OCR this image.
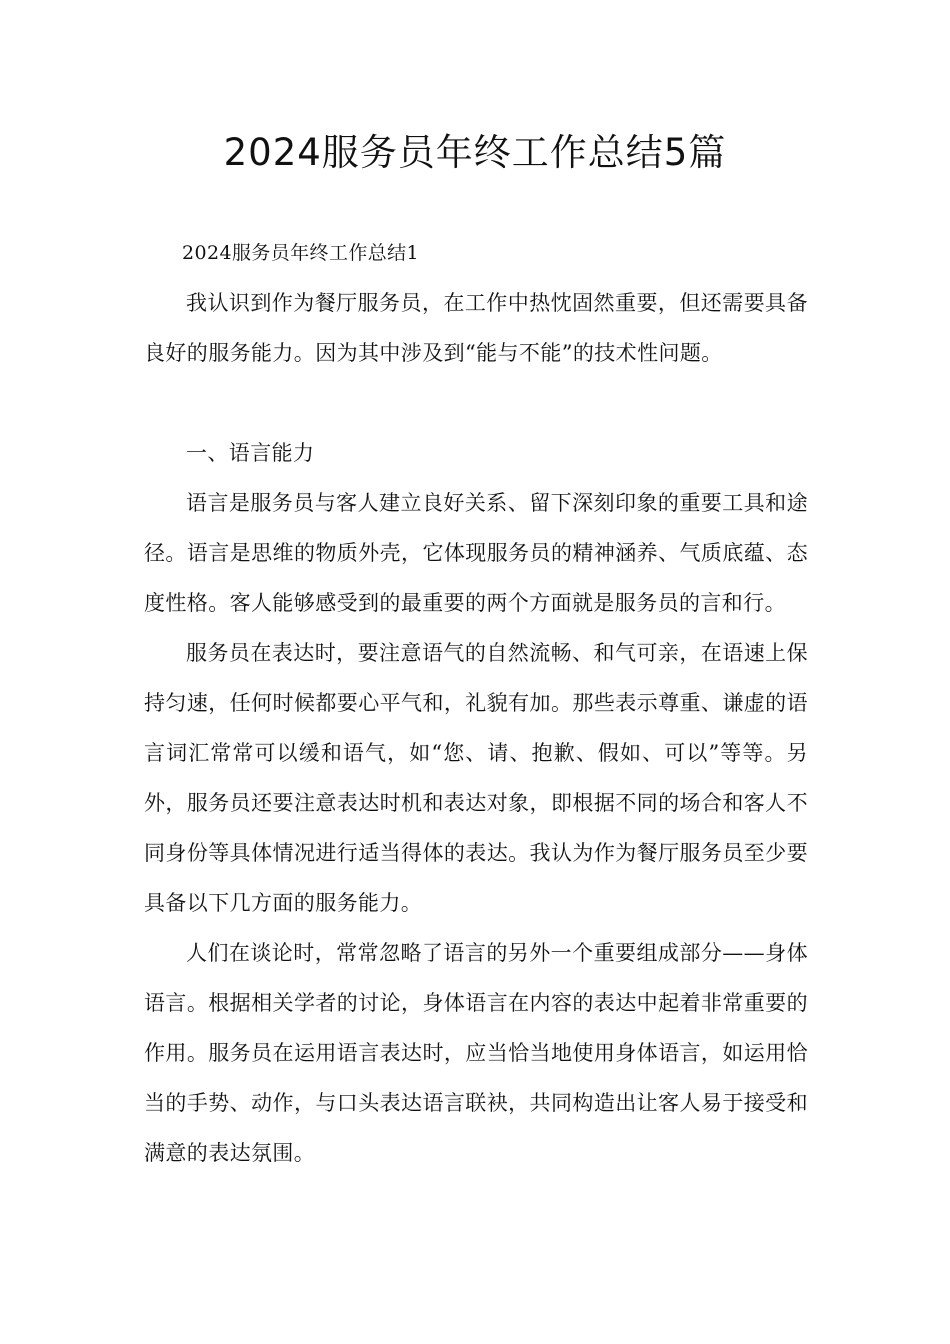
2024服务员年终工作总结5篇

2024服务员年终工作总结1

我认识到作为餐厅服务员，在工作中热忱固然重要，但还需要具备良好的服务能力。因为其中涉及到“能与不能”的技术性问题。

一、语言能力

语言是服务员与客人建立良好关系、留下深刻印象的重要工具和途径。语言是思维的物质外壳，它体现服务员的精神涵养、气质底蕴、态度性格。客人能够感受到的最重要的两个方面就是服务员的言和行。

服务员在表达时，要注意语气的自然流畅、和气可亲，在语速上保持匀速，任何时候都要心平气和，礼貌有加。那些表示尊重、谦虚的语言词汇常常可以缓和语气，如“您、请、抱歉、假如、可以”等等。另外，服务员还要注意表达时机和表达对象，即根据不同的场合和客人不同身份等具体情况进行适当得体的表达。我认为作为餐厅服务员至少要具备以下几方面的服务能力。

人们在谈论时，常常忽略了语言的另外一个重要组成部分——身体语言。根据相关学者的讨论，身体语言在内容的表达中起着非常重要的作用。服务员在运用语言表达时，应当恰当地使用身体语言，如运用恰当的手势、动作，与口头表达语言联袂，共同构造出让客人易于接受和满意的表达氛围。
